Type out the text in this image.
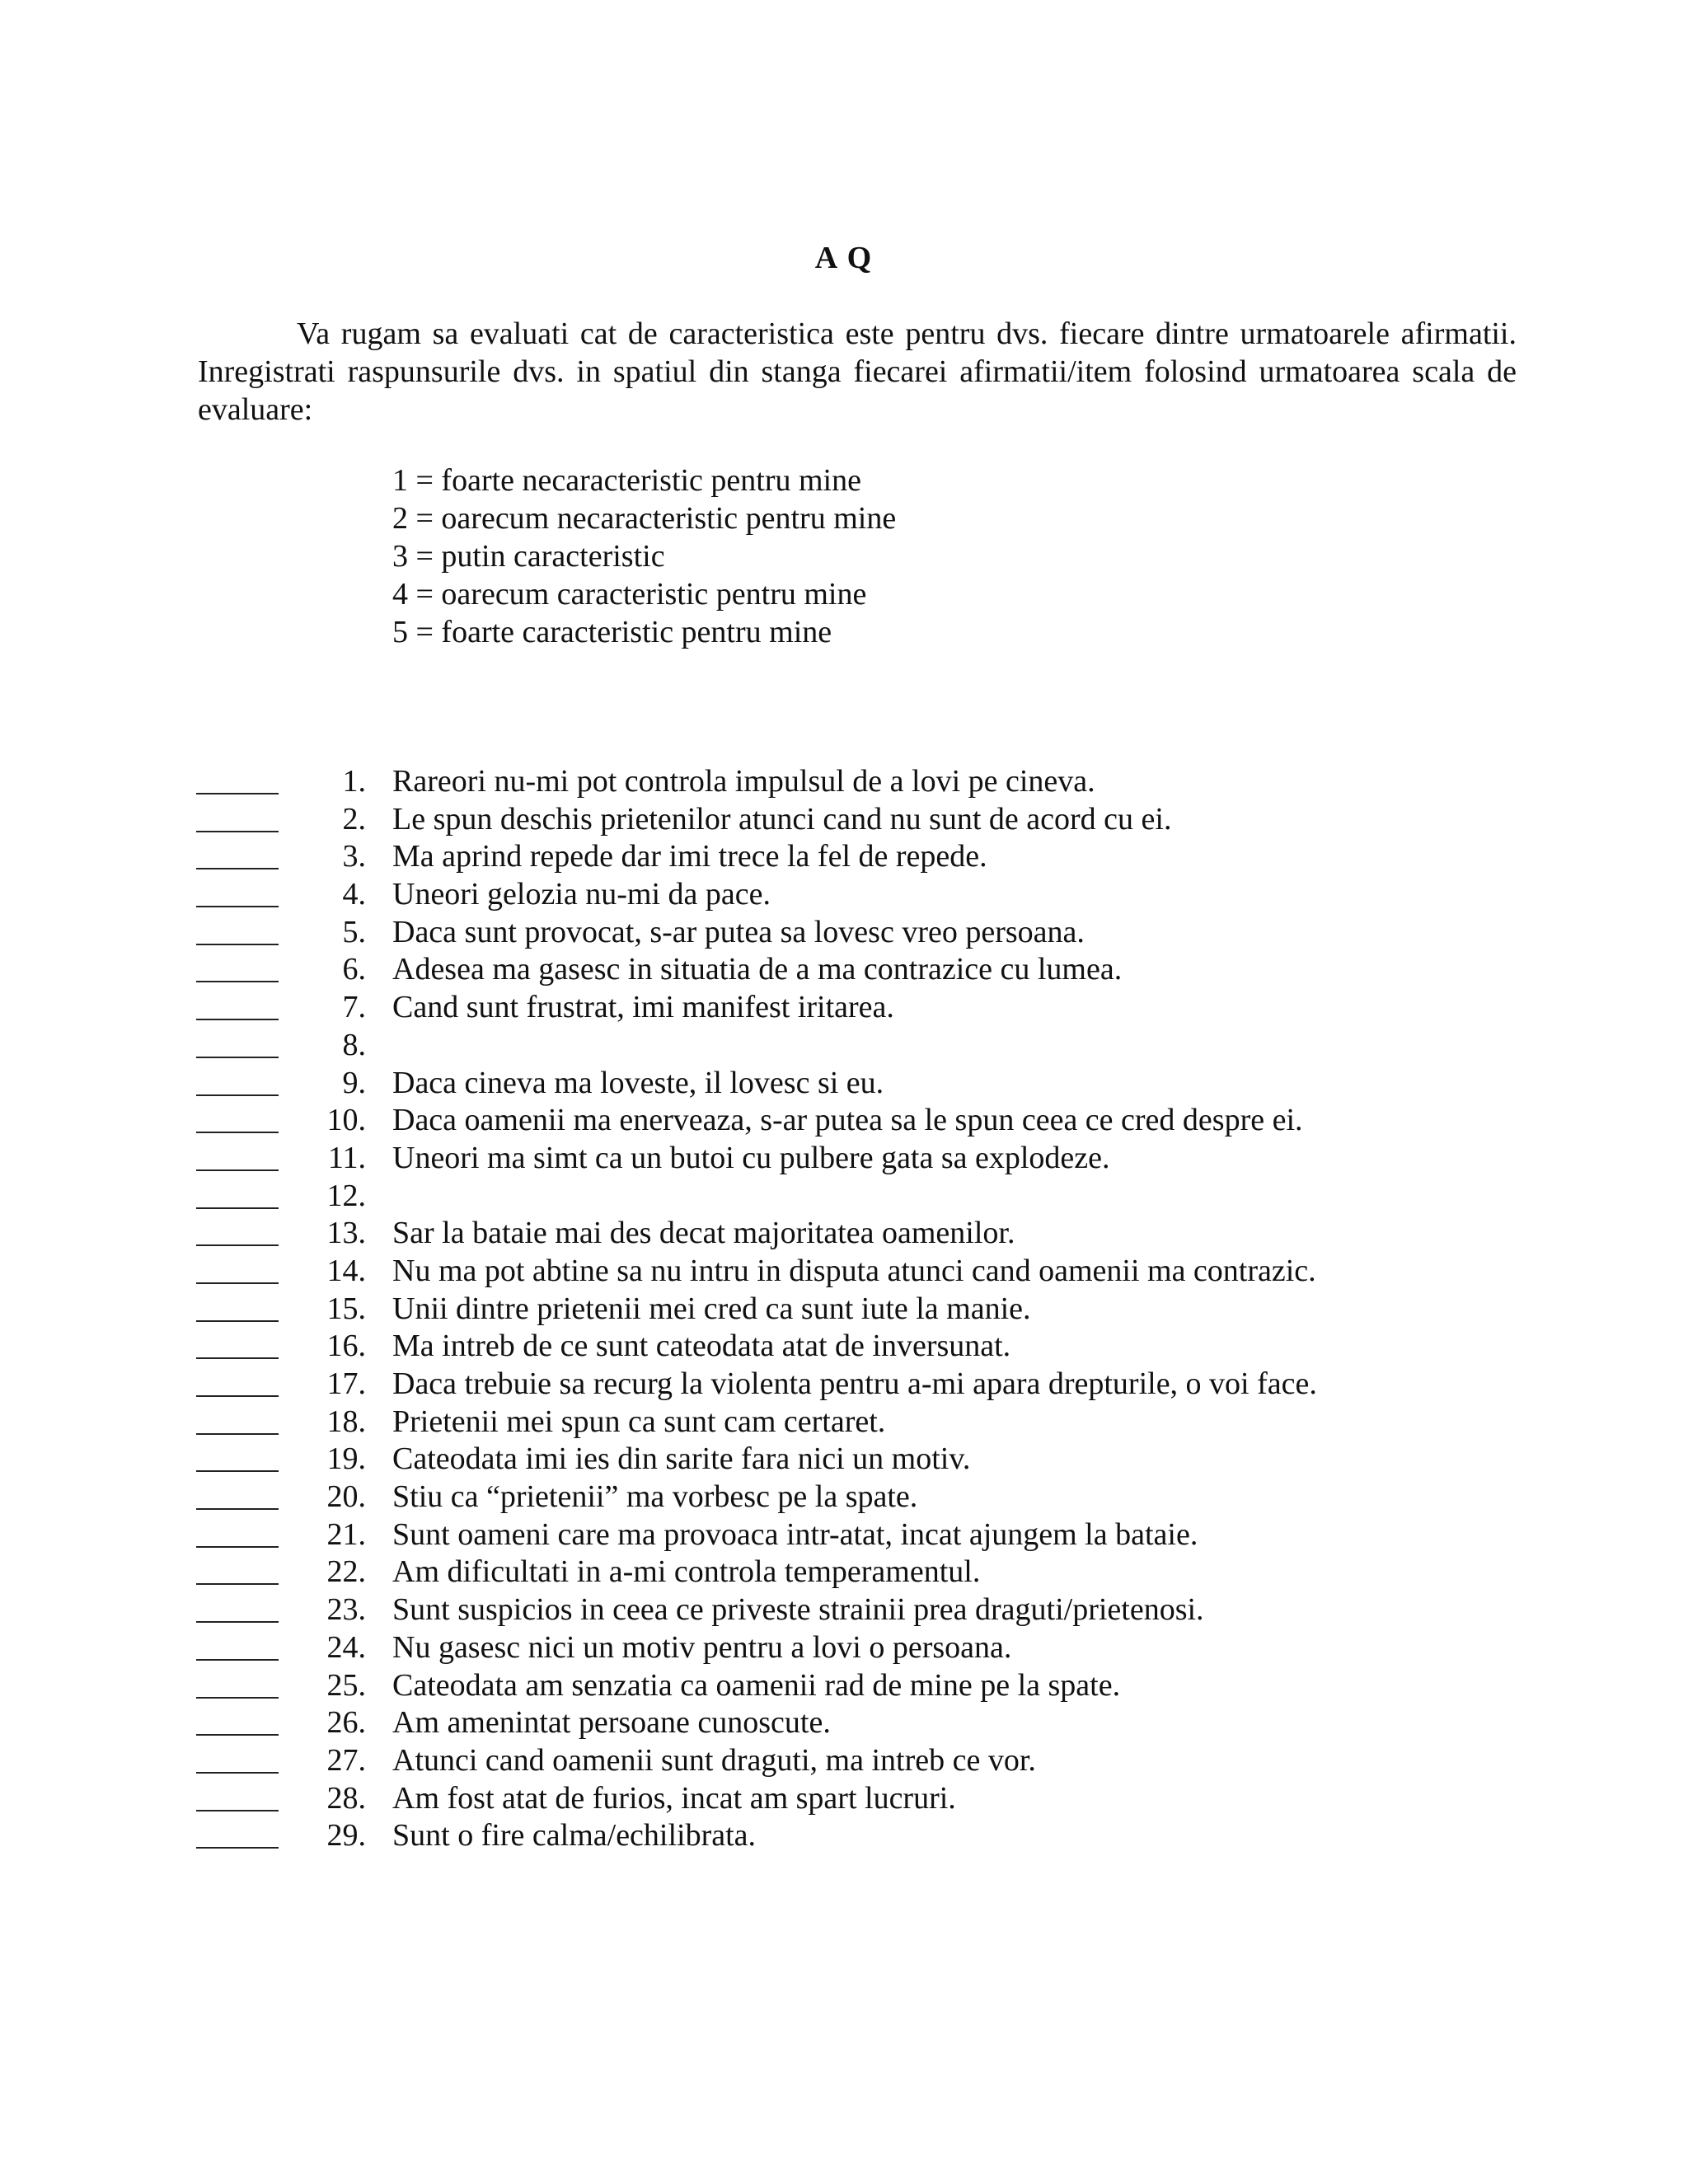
A Q

Va rugam sa evaluati cat de caracteristica este pentru dvs. fiecare dintre urmatoarele afirmatii. Inregistrati raspunsurile dvs. in spatiul din stanga fiecarei afirmatii/item folosind urmatoarea scala de evaluare:

1 = foarte necaracteristic pentru mine
2 = oarecum necaracteristic pentru mine
3 = putin caracteristic
4 = oarecum caracteristic pentru mine
5 = foarte caracteristic pentru mine
1. Rareori nu-mi pot controla impulsul de a lovi pe cineva.
2. Le spun deschis prietenilor atunci cand nu sunt de acord cu ei.
3. Ma aprind repede dar imi trece la fel de repede.
4. Uneori gelozia nu-mi da pace.
5. Daca sunt provocat, s-ar putea sa lovesc vreo persoana.
6. Adesea ma gasesc in situatia de a ma contrazice cu lumea.
7. Cand sunt frustrat, imi manifest iritarea.
8.
9. Daca cineva ma loveste, il lovesc si eu.
10. Daca oamenii ma enerveaza, s-ar putea sa le spun ceea ce cred despre ei.
11. Uneori ma simt ca un butoi cu pulbere gata sa explodeze.
12.
13. Sar la bataie mai des decat majoritatea oamenilor.
14. Nu ma pot abtine sa nu intru in disputa atunci cand oamenii ma contrazic.
15. Unii dintre prietenii mei cred ca sunt iute la manie.
16. Ma intreb de ce sunt cateodata atat de inversunat.
17. Daca trebuie sa recurg la violenta pentru a-mi apara drepturile, o voi face.
18. Prietenii mei spun ca sunt cam certaret.
19. Cateodata imi ies din sarite fara nici un motiv.
20. Stiu ca “prietenii” ma vorbesc pe la spate.
21. Sunt oameni care ma provoaca intr-atat, incat ajungem la bataie.
22. Am dificultati in a-mi controla temperamentul.
23. Sunt suspicios in ceea ce priveste strainii prea draguti/prietenosi.
24. Nu gasesc nici un motiv pentru a lovi o persoana.
25. Cateodata am senzatia ca oamenii rad de mine pe la spate.
26. Am amenintat persoane cunoscute.
27. Atunci cand oamenii sunt draguti, ma intreb ce vor.
28. Am fost atat de furios, incat am spart lucruri.
29. Sunt o fire calma/echilibrata.
